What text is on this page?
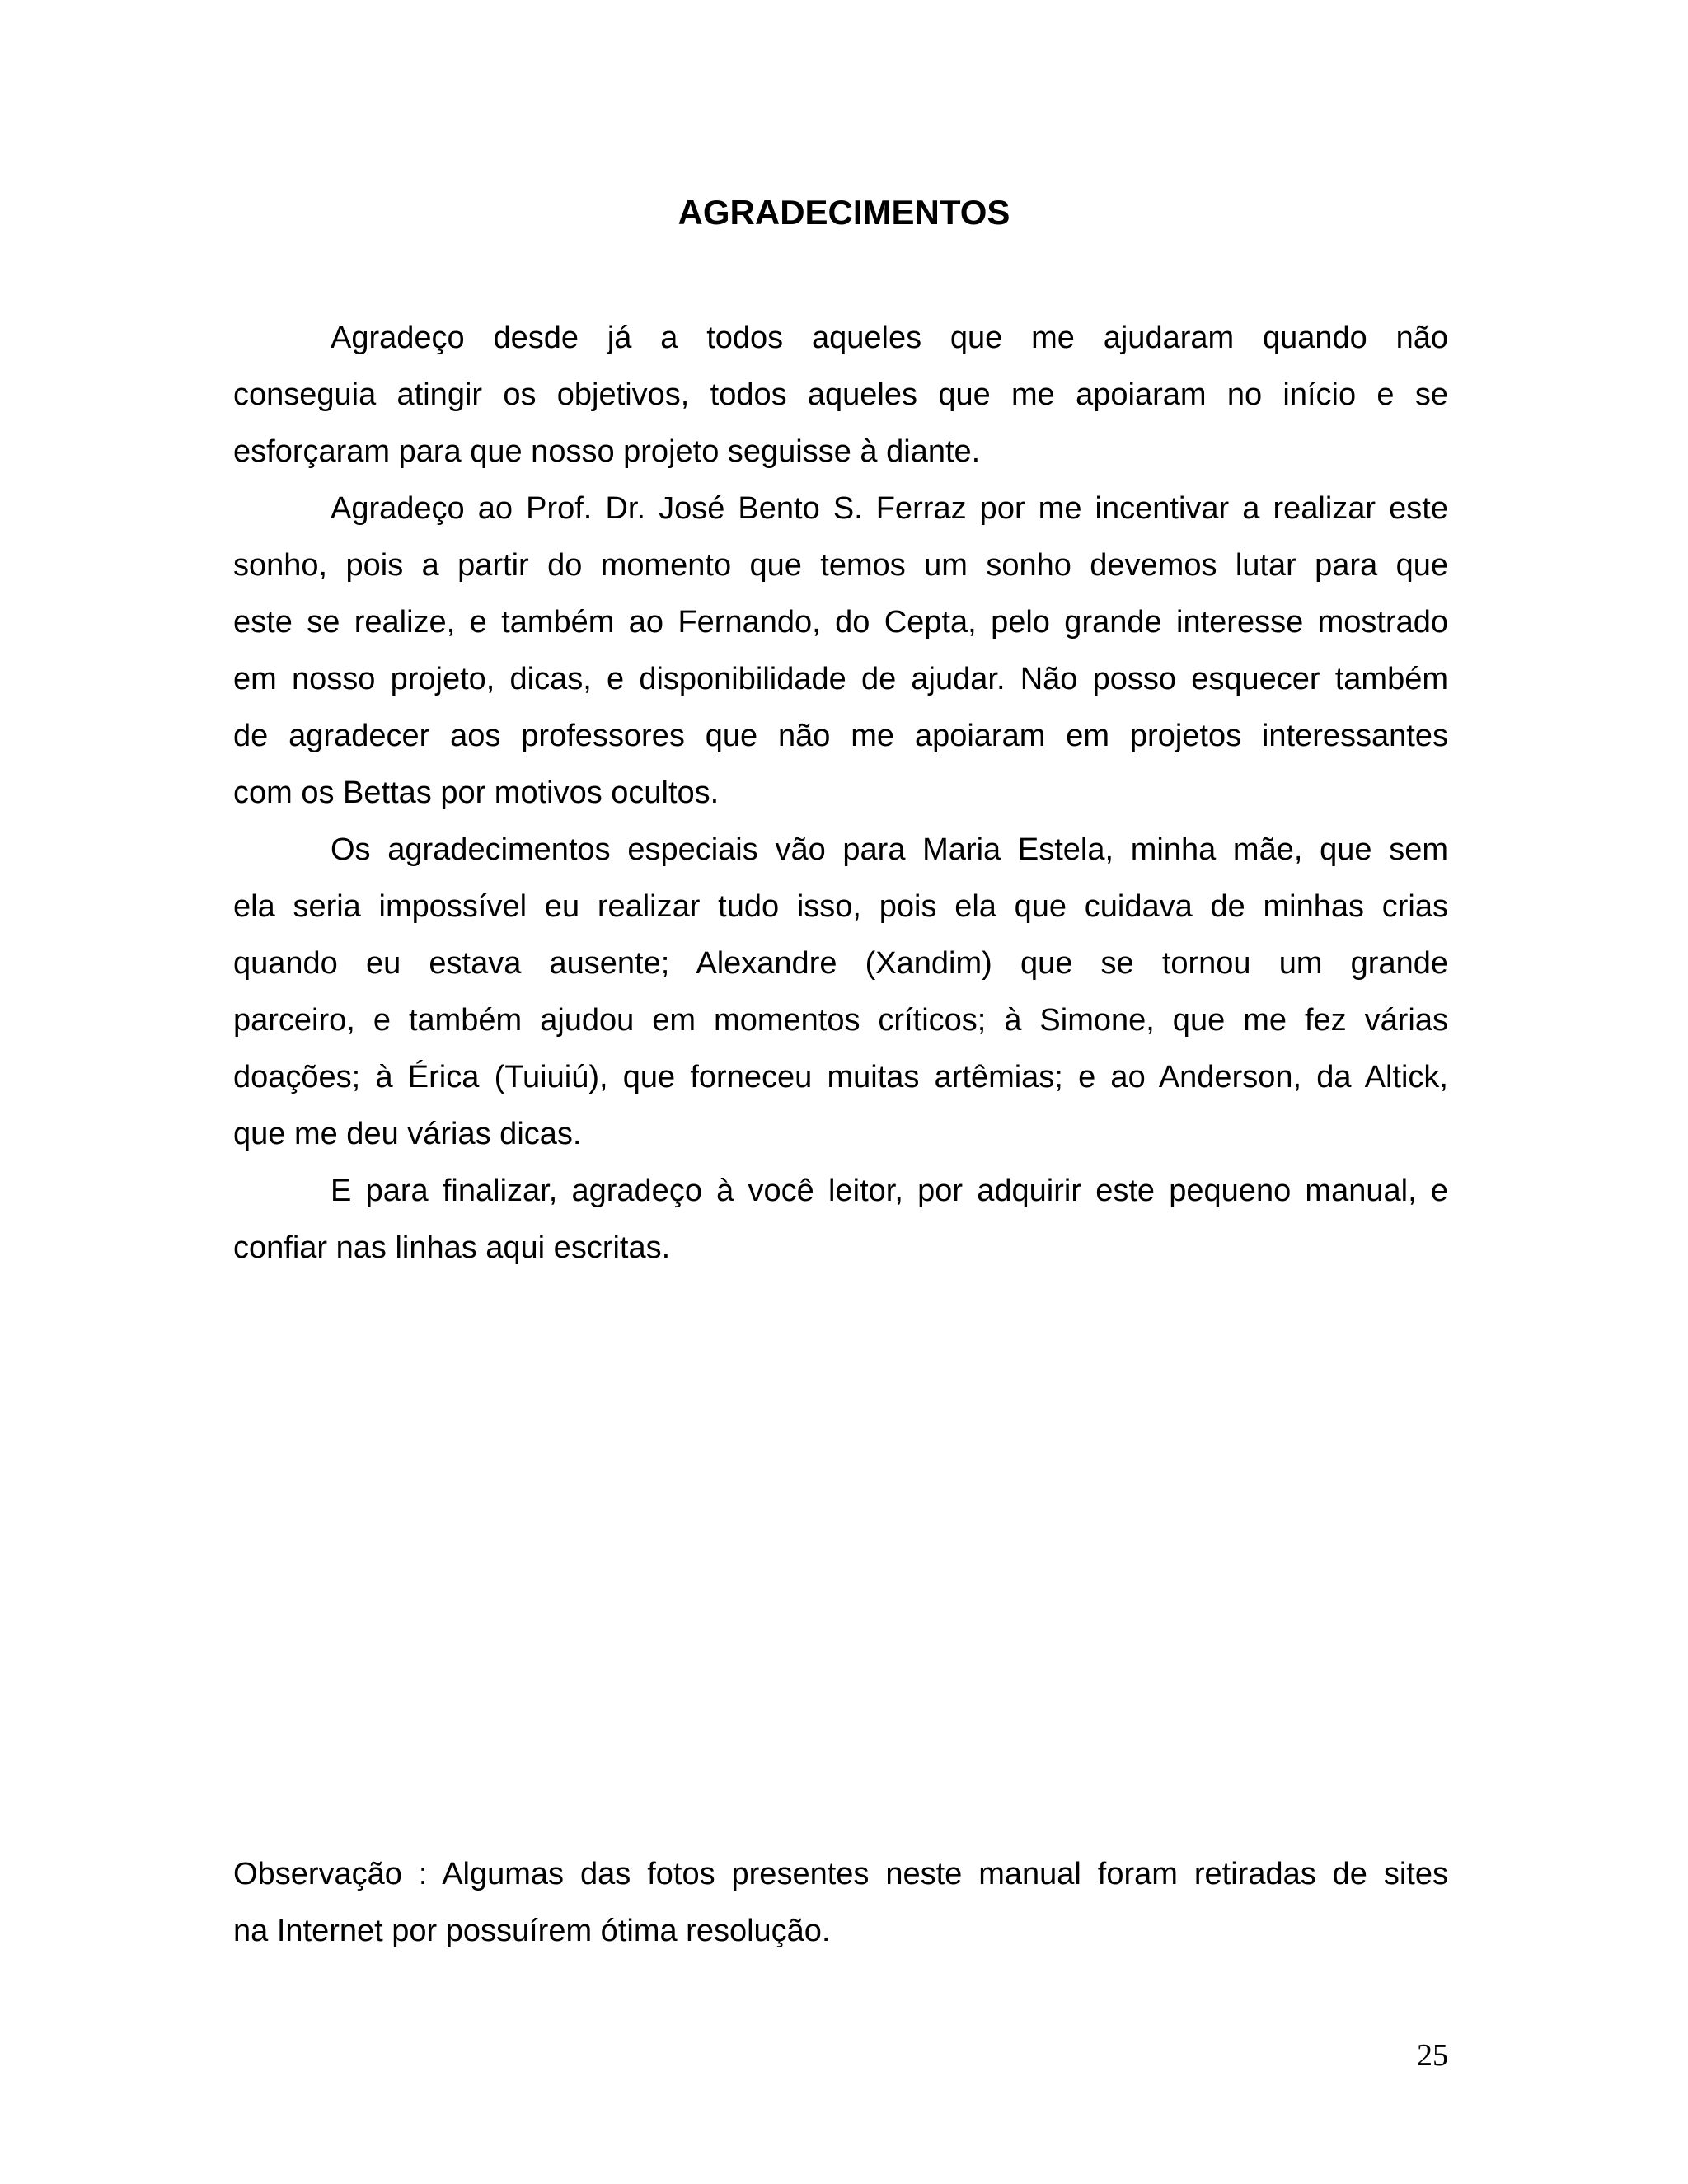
AGRADECIMENTOS

Agradeço desde já a todos aqueles que me ajudaram quando não
conseguia atingir os objetivos, todos aqueles que me apoiaram no início e se
esforçaram para que nosso projeto seguisse à diante.

Agradeço ao Prof. Dr. José Bento S. Ferraz por me incentivar a realizar este
sonho, pois a partir do momento que temos um sonho devemos lutar para que
este se realize, e também ao Fernando, do Cepta, pelo grande interesse mostrado
em nosso projeto, dicas, e disponibilidade de ajudar. Não posso esquecer também
de agradecer aos professores que não me apoiaram em projetos interessantes
com os Bettas por motivos ocultos.

Os agradecimentos especiais vão para Maria Estela, minha mãe, que sem
ela seria impossível eu realizar tudo isso, pois ela que cuidava de minhas crias
quando eu estava ausente; Alexandre (Xandim) que se tornou um grande
parceiro, e também ajudou em momentos críticos; à Simone, que me fez várias
doações; à Érica (Tuiuiú), que forneceu muitas artêmias; e ao Anderson, da Altick,
que me deu várias dicas.

E para finalizar, agradeço à você leitor, por adquirir este pequeno manual, e
confiar nas linhas aqui escritas.

Observação : Algumas das fotos presentes neste manual foram retiradas de sites
na Internet por possuírem ótima resolução.
25
